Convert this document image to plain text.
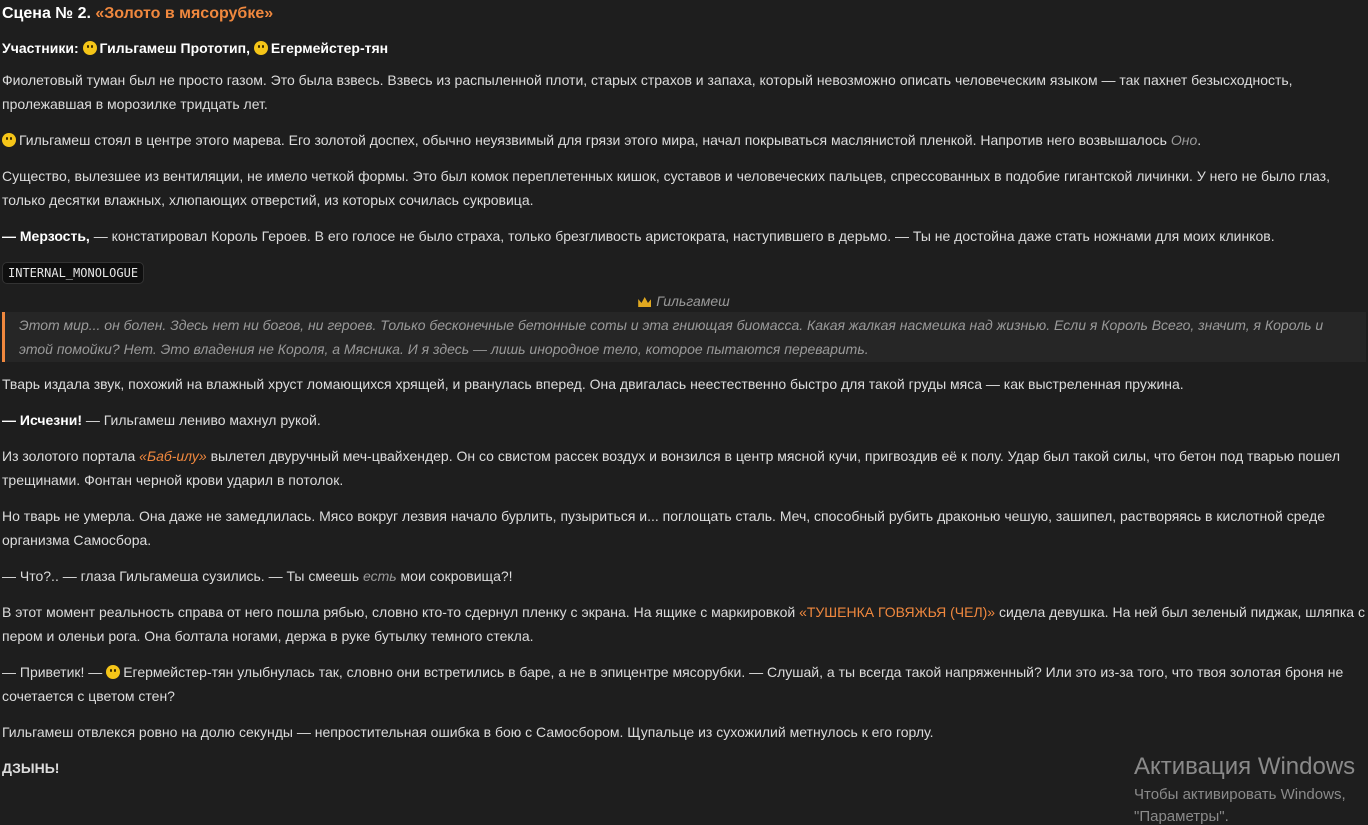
Сцена № 2. «Золото в мясорубке»
Участники: Гильгамеш Прототип, Егермейстер-тян

Фиолетовый туман был не просто газом. Это была взвесь. Взвесь из распыленной плоти, старых страхов и запаха, который невозможно описать человеческим языком — так пахнет безысходность, пролежавшая в морозилке тридцать лет.

Гильгамеш стоял в центре этого марева. Его золотой доспех, обычно неуязвимый для грязи этого мира, начал покрываться маслянистой пленкой. Напротив него возвышалось Оно.

Существо, вылезшее из вентиляции, не имело четкой формы. Это был комок переплетенных кишок, суставов и человеческих пальцев, спрессованных в подобие гигантской личинки. У него не было глаз, только десятки влажных, хлюпающих отверстий, из которых сочилась сукровица.

— Мерзость, — констатировал Король Героев. В его голосе не было страха, только брезгливость аристократа, наступившего в дерьмо. — Ты не достойна даже стать ножнами для моих клинков.

INTERNAL_MONOLOGUE
Гильгамеш
Этот мир... он болен. Здесь нет ни богов, ни героев. Только бесконечные бетонные соты и эта гниющая биомасса. Какая жалкая насмешка над жизнью. Если я Король Всего, значит, я Король и этой помойки? Нет. Это владения не Короля, а Мясника. И я здесь — лишь инородное тело, которое пытаются переварить.

Тварь издала звук, похожий на влажный хруст ломающихся хрящей, и рванулась вперед. Она двигалась неестественно быстро для такой груды мяса — как выстреленная пружина.

— Исчезни! — Гильгамеш лениво махнул рукой.

Из золотого портала «Баб-илу» вылетел двуручный меч-цвайхендер. Он со свистом рассек воздух и вонзился в центр мясной кучи, пригвоздив её к полу. Удар был такой силы, что бетон под тварью пошел трещинами. Фонтан черной крови ударил в потолок.

Но тварь не умерла. Она даже не замедлилась. Мясо вокруг лезвия начало бурлить, пузыриться и... поглощать сталь. Меч, способный рубить драконью чешую, зашипел, растворяясь в кислотной среде организма Самосбора.

— Что?.. — глаза Гильгамеша сузились. — Ты смеешь есть мои сокровища?!

В этот момент реальность справа от него пошла рябью, словно кто-то сдернул пленку с экрана. На ящике с маркировкой «ТУШЕНКА ГОВЯЖЬЯ (ЧЕЛ)» сидела девушка. На ней был зеленый пиджак, шляпка с пером и оленьи рога. Она болтала ногами, держа в руке бутылку темного стекла.

— Приветик! — Егермейстер-тян улыбнулась так, словно они встретились в баре, а не в эпицентре мясорубки. — Слушай, а ты всегда такой напряженный? Или это из-за того, что твоя золотая броня не сочетается с цветом стен?

Гильгамеш отвлекся ровно на долю секунды — непростительная ошибка в бою с Самосбором. Щупальце из сухожилий метнулось к его горлу.

ДЗЫНЬ!	Активация Windows
Чтобы активировать Windows,
"Параметры".
